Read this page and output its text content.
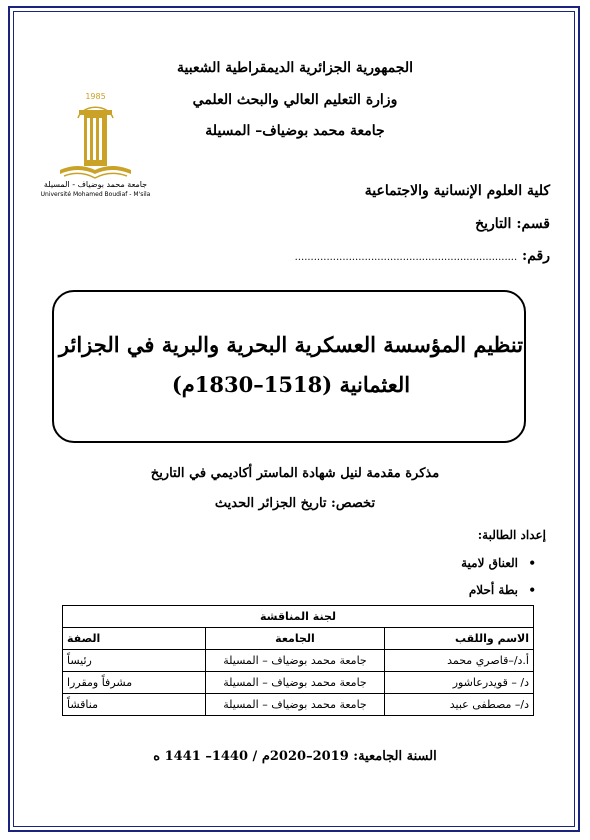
الجمهورية الجزائرية الديمقراطية الشعبية
وزارة التعليم العالي والبحث العلمي
جامعة محمد بوضياف– المسيلة
1985
جامعة محمد بوضياف - المسيلة
Université Mohamed Boudiaf - M'sila	كلية العلوم الإنسانية والاجتماعية
قسم: التاريخ
رقم: ......................................................................
تنظيم المؤسسة العسكرية البحرية والبرية في الجزائر
العثمانية (1518–1830م)
مذكرة مقدمة لنيل شهادة الماستر أكاديمي في التاريخ
تخصص: تاريخ الجزائر الحديث
إعداد الطالبة:
•
العناق لامية
•
بطة أحلام
لجنة المناقشة		
الاسم واللقب	الجامعة	الصفة
أ.د/–قاصري محمد	جامعة محمد بوضياف – المسيلة	رئيساً
د/ – قويدرعاشور	جامعة محمد بوضياف – المسيلة	مشرفاً ومقررا
د/– مصطفى عبيد	جامعة محمد بوضياف – المسيلة	مناقشاً
السنة الجامعية: 2019–2020م / 1440– 1441 ه
